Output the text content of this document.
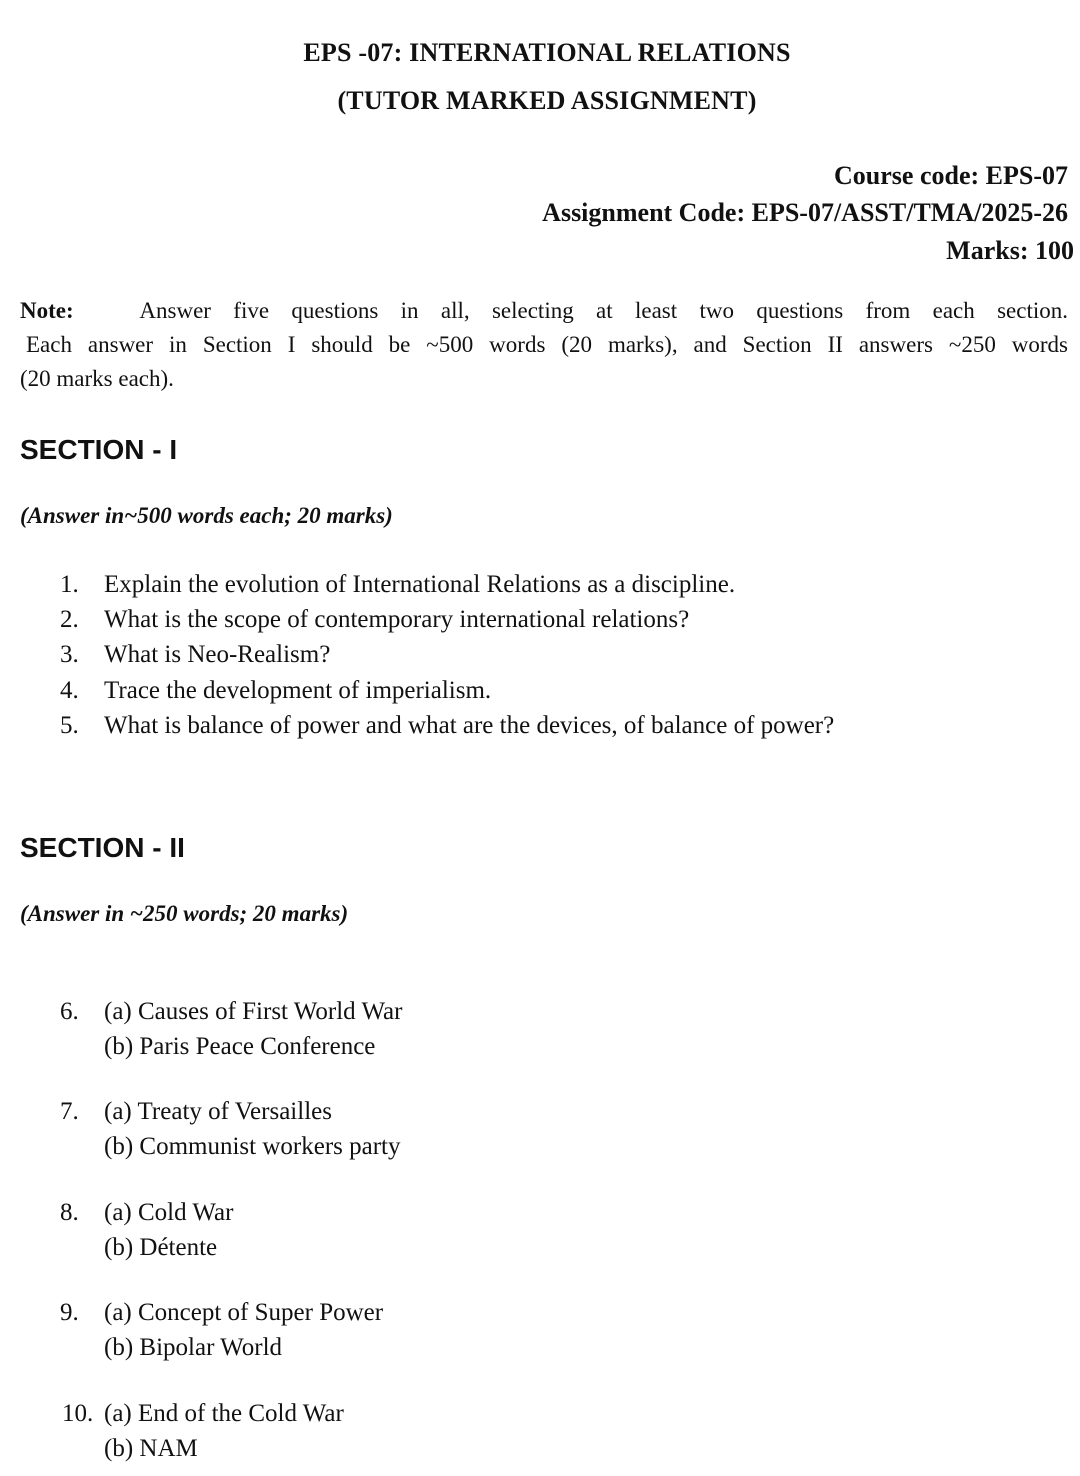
EPS -07: INTERNATIONAL RELATIONS
(TUTOR MARKED ASSIGNMENT)
Course code: EPS-07
Assignment Code: EPS-07/ASST/TMA/2025-26
Marks: 100
Note:	Answer five questions in all, selecting at least two questions from each section.
Each answer in Section I should be ~500 words (20 marks), and Section II answers ~250 words
(20 marks each).
SECTION - I
(Answer in~500 words each; 20 marks)
1.	Explain the evolution of International Relations as a discipline.
2.	What is the scope of contemporary international relations?
3.	What is Neo-Realism?
4.	Trace the development of imperialism.
5.	What is balance of power and what are the devices, of balance of power?
SECTION - II
(Answer in ~250 words; 20 marks)
6.	(a) Causes of First World War
(b) Paris Peace Conference
7.	(a) Treaty of Versailles
(b) Communist workers party
8.	(a) Cold War
(b) Détente
9.	(a) Concept of Super Power
(b) Bipolar World
10. (a) End of the Cold War
(b) NAM
